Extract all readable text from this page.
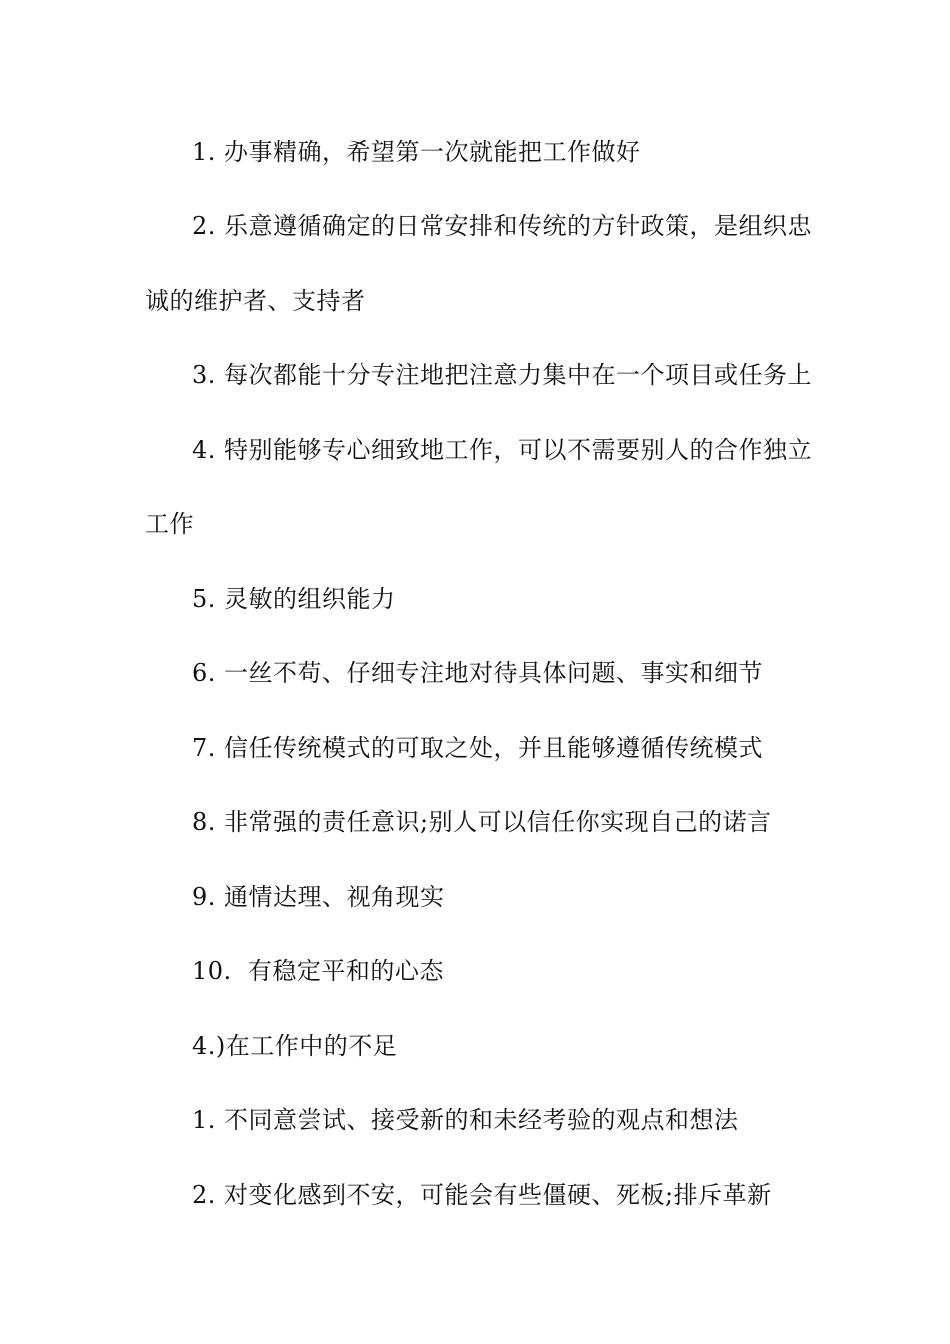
1. 办事精确，希望第一次就能把工作做好
2. 乐意遵循确定的日常安排和传统的方针政策，是组织忠
诚的维护者、支持者
3. 每次都能十分专注地把注意力集中在一个项目或任务上
4. 特别能够专心细致地工作，可以不需要别人的合作独立
工作
5. 灵敏的组织能力
6. 一丝不苟、仔细专注地对待具体问题、事实和细节
7. 信任传统模式的可取之处，并且能够遵循传统模式
8. 非常强的责任意识;别人可以信任你实现自己的诺言
9. 通情达理、视角现实
10.  有稳定平和的心态
4.)在工作中的不足
1. 不同意尝试、接受新的和未经考验的观点和想法
2. 对变化感到不安，可能会有些僵硬、死板;排斥革新
